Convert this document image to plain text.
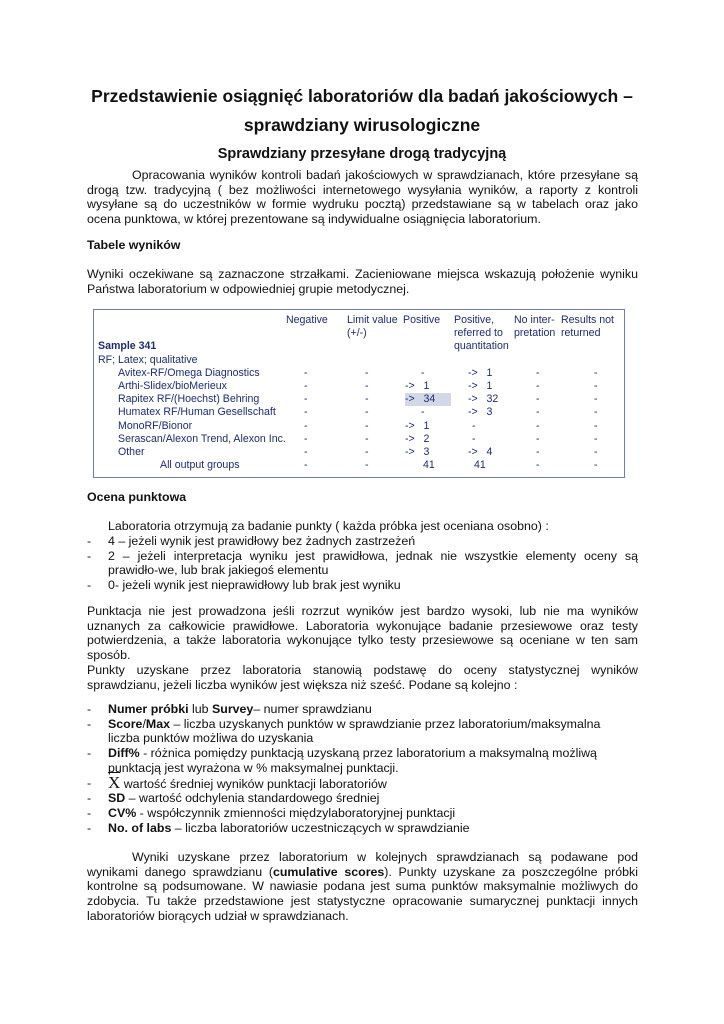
Przedstawienie osiągnięć laboratoriów dla badań jakościowych –
sprawdziany wirusologiczne
Sprawdziany przesyłane drogą tradycyjną
Opracowania wyników kontroli badań jakościowych w sprawdzianach, które przesyłane są drogą tzw. tradycyjną ( bez możliwości internetowego wysyłania wyników, a raporty z kontroli wysyłane są do uczestników w formie wydruku pocztą) przedstawiane są w tabelach oraz jako ocena punktowa, w której prezentowane są indywidualne osiągnięcia laboratorium.
Tabele wyników
Wyniki oczekiwane są zaznaczone strzałkami. Zacieniowane miejsca wskazują położenie wyniku Państwa laboratorium w odpowiedniej grupie metodycznej.
	Negative	Limit value	Positive	Positive,	No inter-	Results not
		(+/-)		referred to	pretation	returned
Sample 341				quantitation		
RF; Latex; qualitative						
Avitex-RF/Omega Diagnostics	-	-	-	->   1	-	-
Arthi-Slidex/bioMerieux	-	-	->   1	->   1	-	-
Rapitex RF/(Hoechst) Behring	-	-	->   34	->   32	-	-
Humatex RF/Human Gesellschaft	-	-	-	->   3	-	-
MonoRF/Bionor	-	-	->   1	-	-	-
Serascan/Alexon Trend, Alexon Inc.	-	-	->   2	-	-	-
Other	-	-	->   3	->   4	-	-
All output groups	-	-	41	41	-	-
Ocena punktowa
Laboratoria otrzymują za badanie punkty ( każda próbka jest oceniana osobno) :
- 4 – jeżeli wynik jest prawidłowy bez żadnych zastrzeżeń
- 2 – jeżeli interpretacja wyniku jest prawidłowa, jednak nie wszystkie elementy oceny są prawidło-we, lub brak jakiegoś elementu
- 0- jeżeli wynik jest nieprawidłowy lub brak jest wyniku
Punktacja nie jest prowadzona jeśli rozrzut wyników jest bardzo wysoki, lub nie ma wyników uznanych za całkowicie prawidłowe. Laboratoria wykonujące badanie przesiewowe oraz testy potwierdzenia, a także laboratoria wykonujące tylko testy przesiewowe są oceniane w ten sam sposób.
Punkty uzyskane przez laboratoria stanowią podstawę do oceny statystycznej wyników sprawdzianu, jeżeli liczba wyników jest większa niż sześć. Podane są kolejno :
- Numer próbki lub Survey– numer sprawdzianu
- Score/Max – liczba uzyskanych punktów w sprawdzianie przez laboratorium/maksymalna liczba punktów możliwa do uzyskania
- Diff% - różnica pomiędzy punktacją uzyskaną przez laboratorium a maksymalną możliwą punktacją jest wyrażona w % maksymalnej punktacji.
- $\overline{X}$ wartość średniej wyników punktacji laboratoriów
- SD – wartość odchylenia standardowego średniej
- CV% - współczynnik zmienności międzylaboratoryjnej punktacji
- No. of labs – liczba laboratoriów uczestniczących w sprawdzianie
Wyniki uzyskane przez laboratorium w kolejnych sprawdzianach są podawane pod wynikami danego sprawdzianu (cumulative scores). Punkty uzyskane za poszczególne próbki kontrolne są podsumowane. W nawiasie podana jest suma punktów maksymalnie możliwych do zdobycia. Tu także przedstawione jest statystyczne opracowanie sumarycznej punktacji innych laboratoriów biorących udział w sprawdzianach.
